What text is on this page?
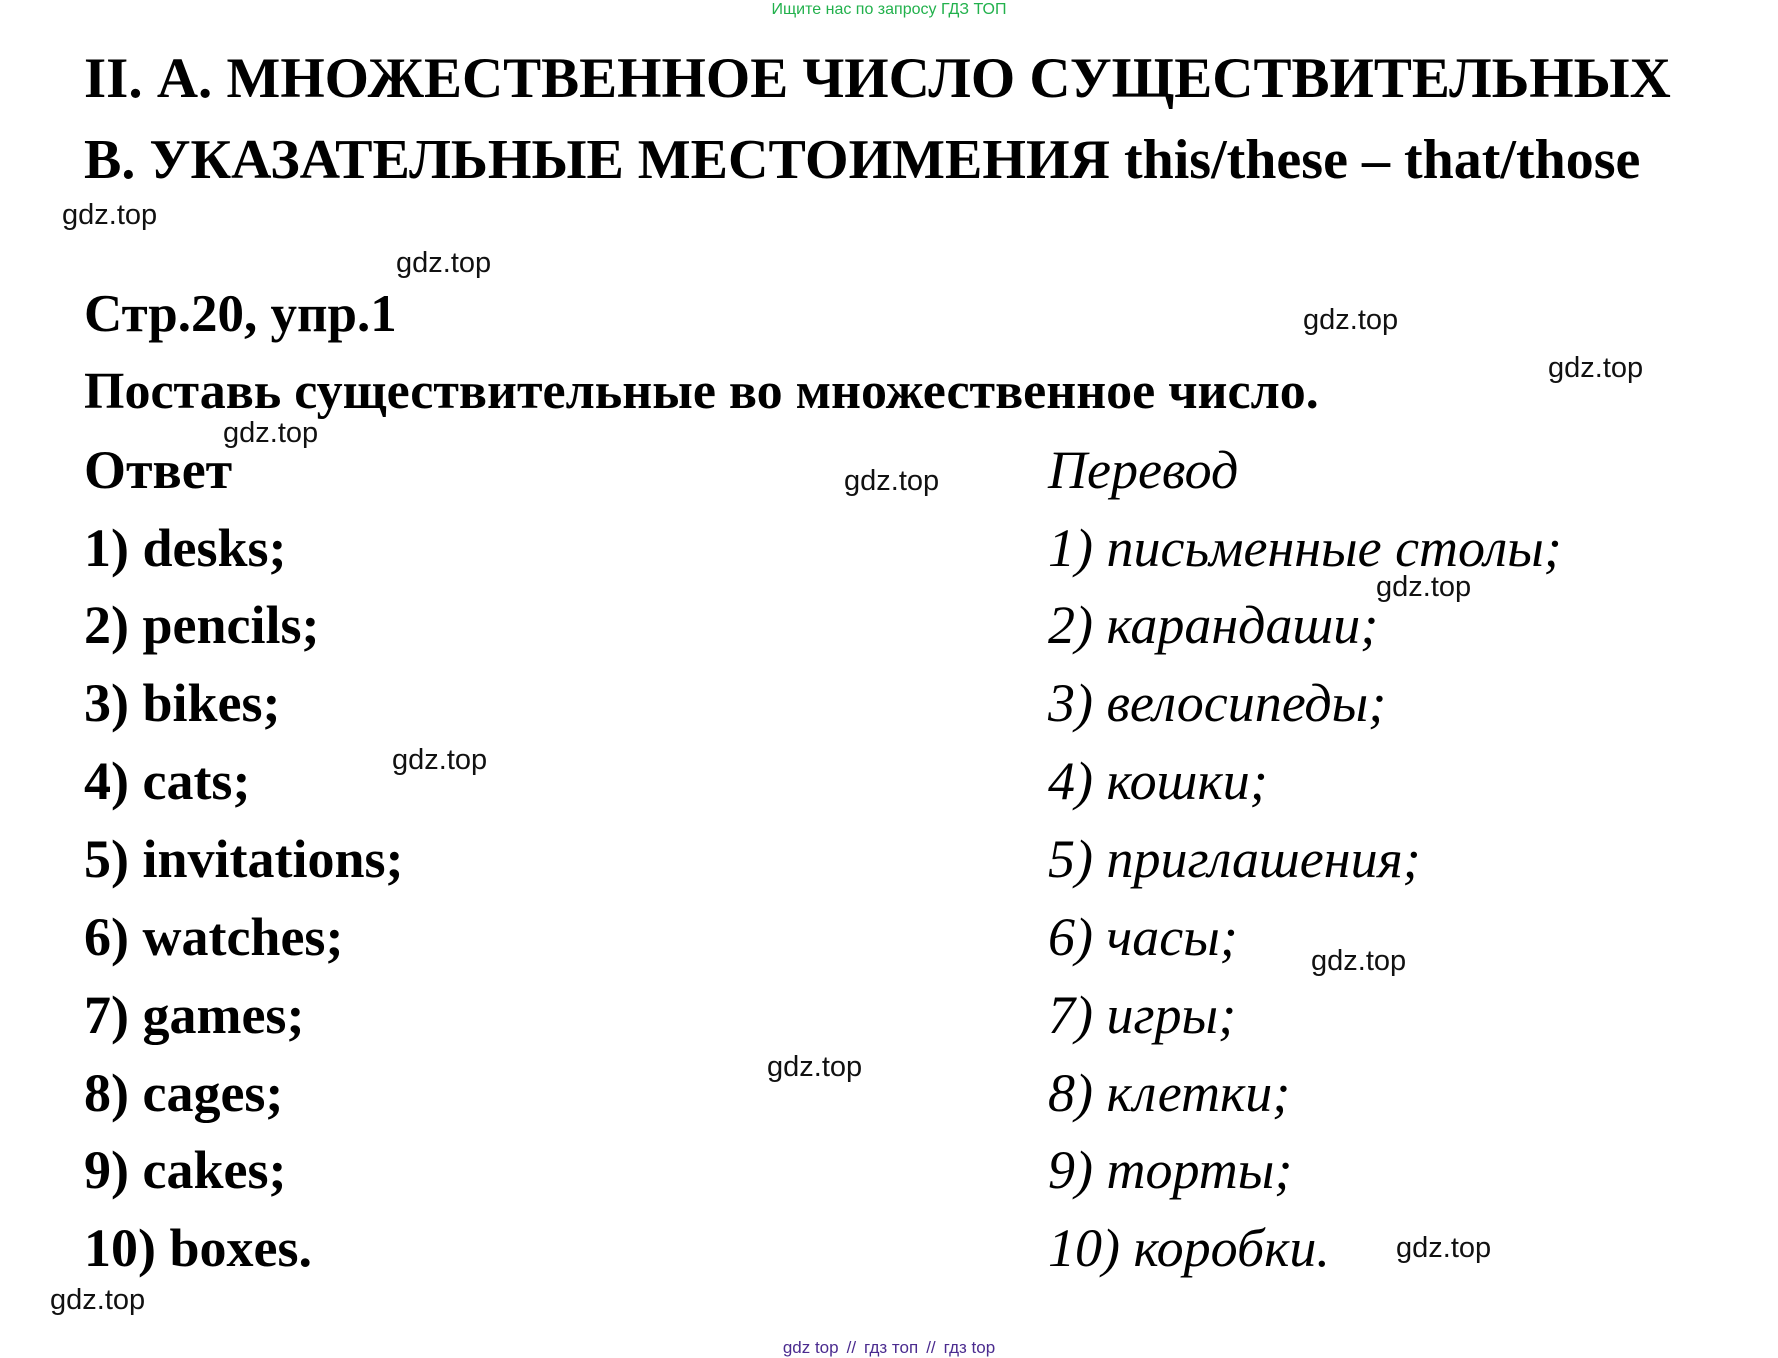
Ищите нас по запросу ГДЗ ТОП
II. А. МНОЖЕСТВЕННОЕ ЧИСЛО СУЩЕСТВИТЕЛЬНЫХ
В. УКАЗАТЕЛЬНЫЕ МЕСТОИМЕНИЯ this/these – that/those
Стр.20, упр.1
Поставь существительные во множественное число.
Ответ	Перевод
1) desks;
2) pencils;
3) bikes;
4) cats;
5) invitations;
6) watches;
7) games;
8) cages;
9) cakes;
10) boxes.
1) письменные столы;
2) карандаши;
3) велосипеды;
4) кошки;
5) приглашения;
6) часы;
7) игры;
8) клетки;
9) торты;
10) коробки.
gdz.top
gdz.top
gdz.top
gdz.top
gdz.top
gdz.top
gdz.top
gdz.top
gdz.top
gdz.top
gdz.top
gdz.top
gdz top // гдз топ // гдз top
